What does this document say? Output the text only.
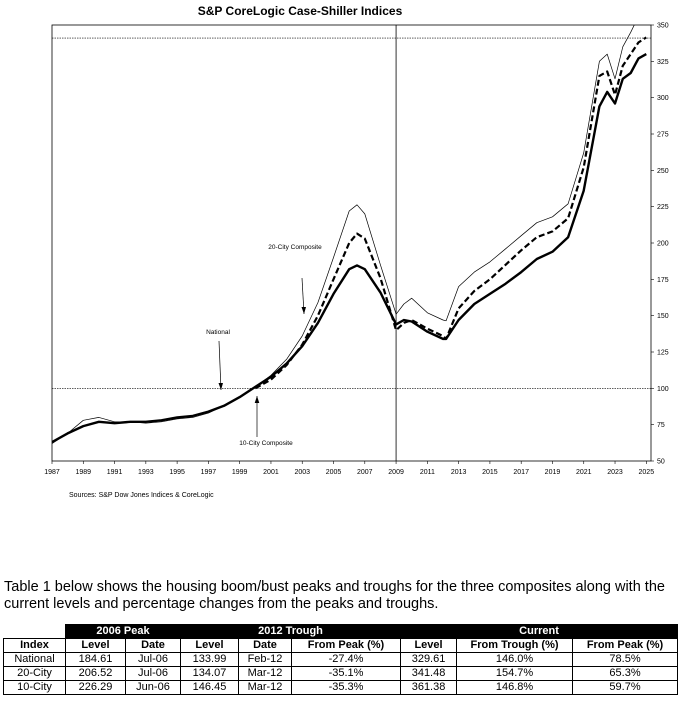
S&P CoreLogic Case-Shiller Indices
1987 1989 1991 1993 1995 1997 1999 2001 2003 2005 2007 2009 2011 2013 2015 2017 2019 2021 2023 2025
50
75
100
125
150
175
200
225
250
275
300
325
350
20-City Composite
National
10-City Composite
Sources: S&P Dow Jones Indices & CoreLogic
Table 1 below shows the housing boom/bust peaks and troughs for the three composites along with the current levels and percentage changes from the peaks and troughs.
	2006 Peak		2012 Trough			Current		
Index	Level	Date	Level	Date	From Peak (%)	Level	From Trough (%)	From Peak (%)
National	184.61	Jul-06	133.99	Feb-12	-27.4%	329.61	146.0%	78.5%
20-City	206.52	Jul-06	134.07	Mar-12	-35.1%	341.48	154.7%	65.3%
10-City	226.29	Jun-06	146.45	Mar-12	-35.3%	361.38	146.8%	59.7%
